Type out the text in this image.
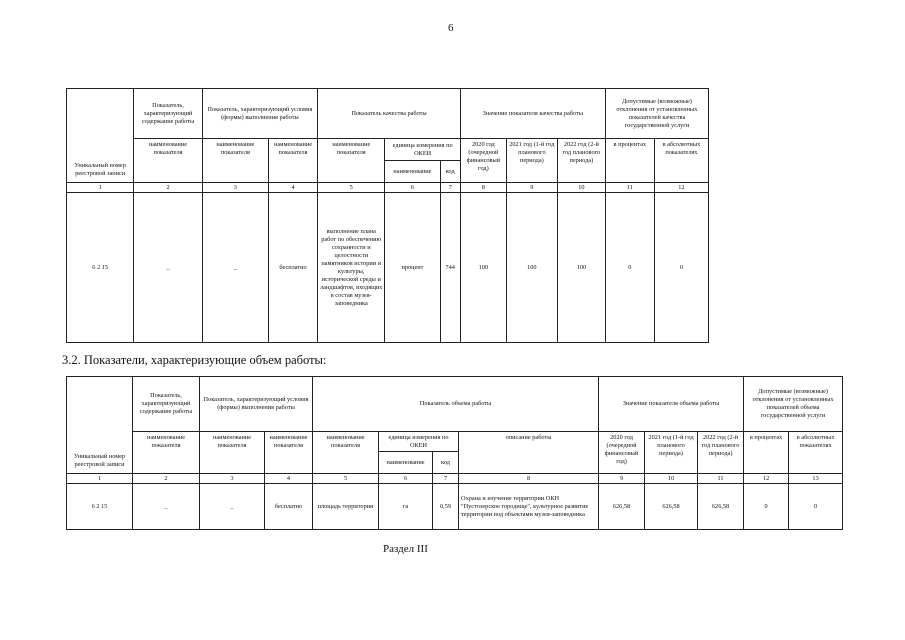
6
Уникальный номер реестровой записи	Показатель, характеризующий содержание работы	Показатель, характеризующий условия (формы) выполнения работы		Показатель качества работы			Значение показателя качества работы			Допустимые (возможные) отклонения от установленных показателей качества государственной услуги	
	наименование показателя	наименование показателя	наименование показателя	наименование показателя	единица измерения по ОКЕИ		2020 год (очередной финансовый год)	2021 год (1-й год планового периода)	2022 год (2-й год планового периода)	в процентах	в абсолютных показателях
					наименование	код					
1	2	3	4	5	6	7	8	9	10	11	12
6 2 15	_	_	бесплатно	выполнение плана работ по обеспечению сохранности и целостности памятников истории и культуры, исторической среды и ландшафтов, входящих в состав музея-заповедника	процент	744	100	100	100	0	0
3.2. Показатели, характеризующие объем работы:
Уникальный номер реестровой записи	Показатель, характеризующий содержание работы	Показатель, характеризующий условия (формы) выполнения работы		Показатель объема работы				Значение показателя объема работы			Допустимые (возможные) отклонения от установленных показателей объема государственной услуги	
	наименование показателя	наименование показателя	наименование показателя	наименование показателя	единица измерения по ОКЕИ		описание работы	2020 год (очередной финансовый год)	2021 год (1-й год планового периода)	2022 год (2-й год планового периода)	в процентах	в абсолютных показателях
					наименование	код						
1	2	3	4	5	6	7	8	9	10	11	12	13
6 2 15	_	_	бесплатно	площадь территории	га	0,59	Охрана и изучение территории ОКН "Пустозерское городище", культурное развитие территории под объектами музея-заповедника	626,58	626,58	626,58	0	0
Раздел III
